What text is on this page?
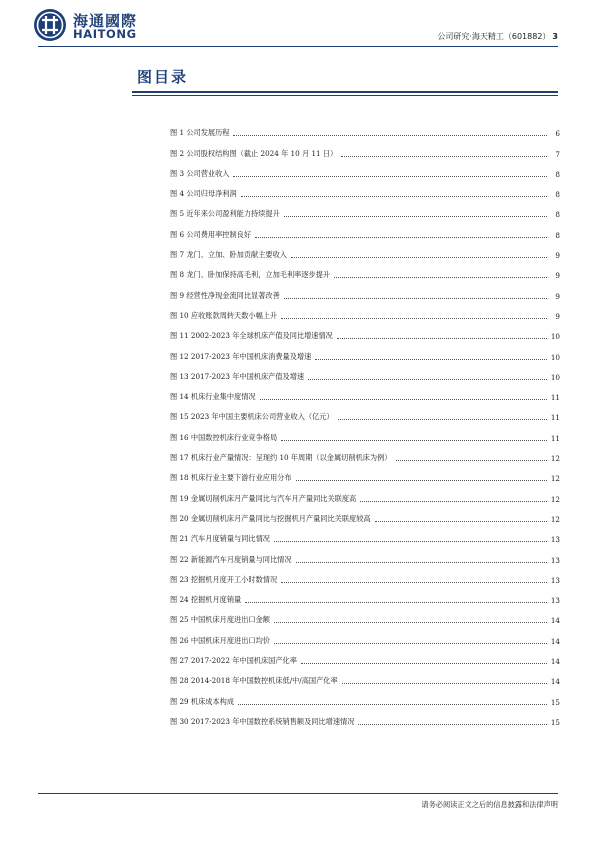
海通國際
HAITONG	公司研究·海天精工（601882） 3
图目录
图 1 公司发展历程	6
图 2 公司股权结构图（截止 2024 年 10 月 11 日）	7
图 3 公司营业收入	8
图 4 公司归母净利润	8
图 5 近年来公司盈利能力持续提升	8
图 6 公司费用率控制良好	8
图 7 龙门、立加、卧加贡献主要收入	9
图 8 龙门、卧加保持高毛利，立加毛利率逐步提升	9
图 9 经营性净现金流同比显著改善	9
图 10 应收账款周转天数小幅上升	9
图 11 2002-2023 年全球机床产值及同比增速情况	10
图 12 2017-2023 年中国机床消费量及增速	10
图 13 2017-2023 年中国机床产值及增速	10
图 14 机床行业集中度情况	11
图 15 2023 年中国主要机床公司营业收入（亿元）	11
图 16 中国数控机床行业竞争格局	11
图 17 机床行业产量情况：呈现约 10 年周期（以金属切削机床为例）	12
图 18 机床行业主要下游行业应用分布	12
图 19 金属切削机床月产量同比与汽车月产量同比关联度高	12
图 20 金属切削机床月产量同比与挖掘机月产量同比关联度较高	12
图 21 汽车月度销量与同比情况	13
图 22 新能源汽车月度销量与同比情况	13
图 23 挖掘机月度开工小时数情况	13
图 24 挖掘机月度销量	13
图 25 中国机床月度进出口金额	14
图 26 中国机床月度进出口均价	14
图 27 2017-2022 年中国机床国产化率	14
图 28 2014-2018 年中国数控机床低/中/高国产化率	14
图 29 机床成本构成	15
图 30 2017-2023 年中国数控系统销售额及同比增速情况	15
请务必阅读正文之后的信息披露和法律声明
